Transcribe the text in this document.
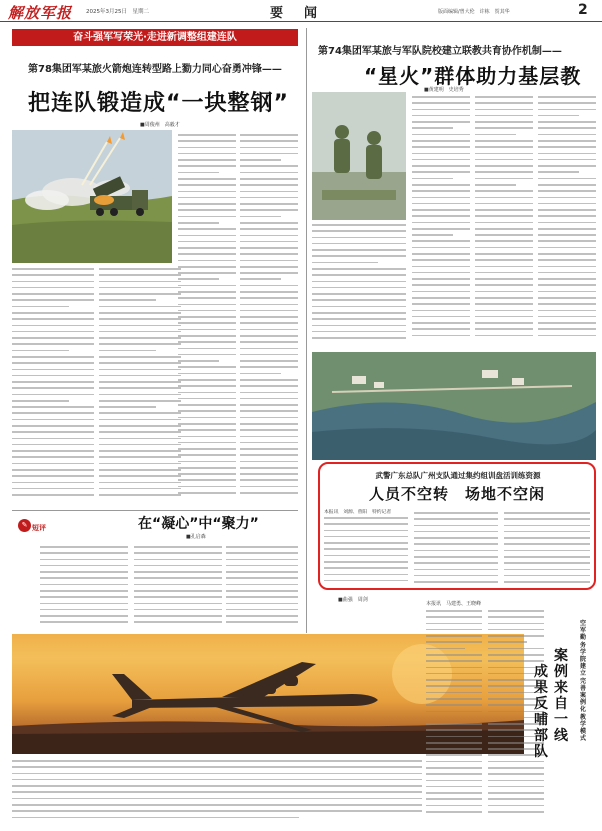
解放军报	2025年3月25日　星期二	要　闻	版面编辑/曾大伦　许栋　贺其华	2
奋斗强军写荣光·走进新调整组建连队
第78集团军某旅火箭炮连转型路上勠力同心奋勇冲锋——
把连队锻造成“一块整钢”
■周俊州　高毅才
✎ 短评	在“凝心”中“聚力”
■孔启森
第74集团军某旅与军队院校建立联教共育协作机制——
“星火”群体助力基层教
■黄建明　史培秀
武警广东总队广州支队通过集约组训盘活训练资源
人员不空转　场地不空闲
本报讯　刘源、曾阳　特约记者
■曲强　周剑
本报讯　马建勇、王晓峰
空军勤务学院建立完善案例化教学模式
案例来自一线
成果反哺部队
